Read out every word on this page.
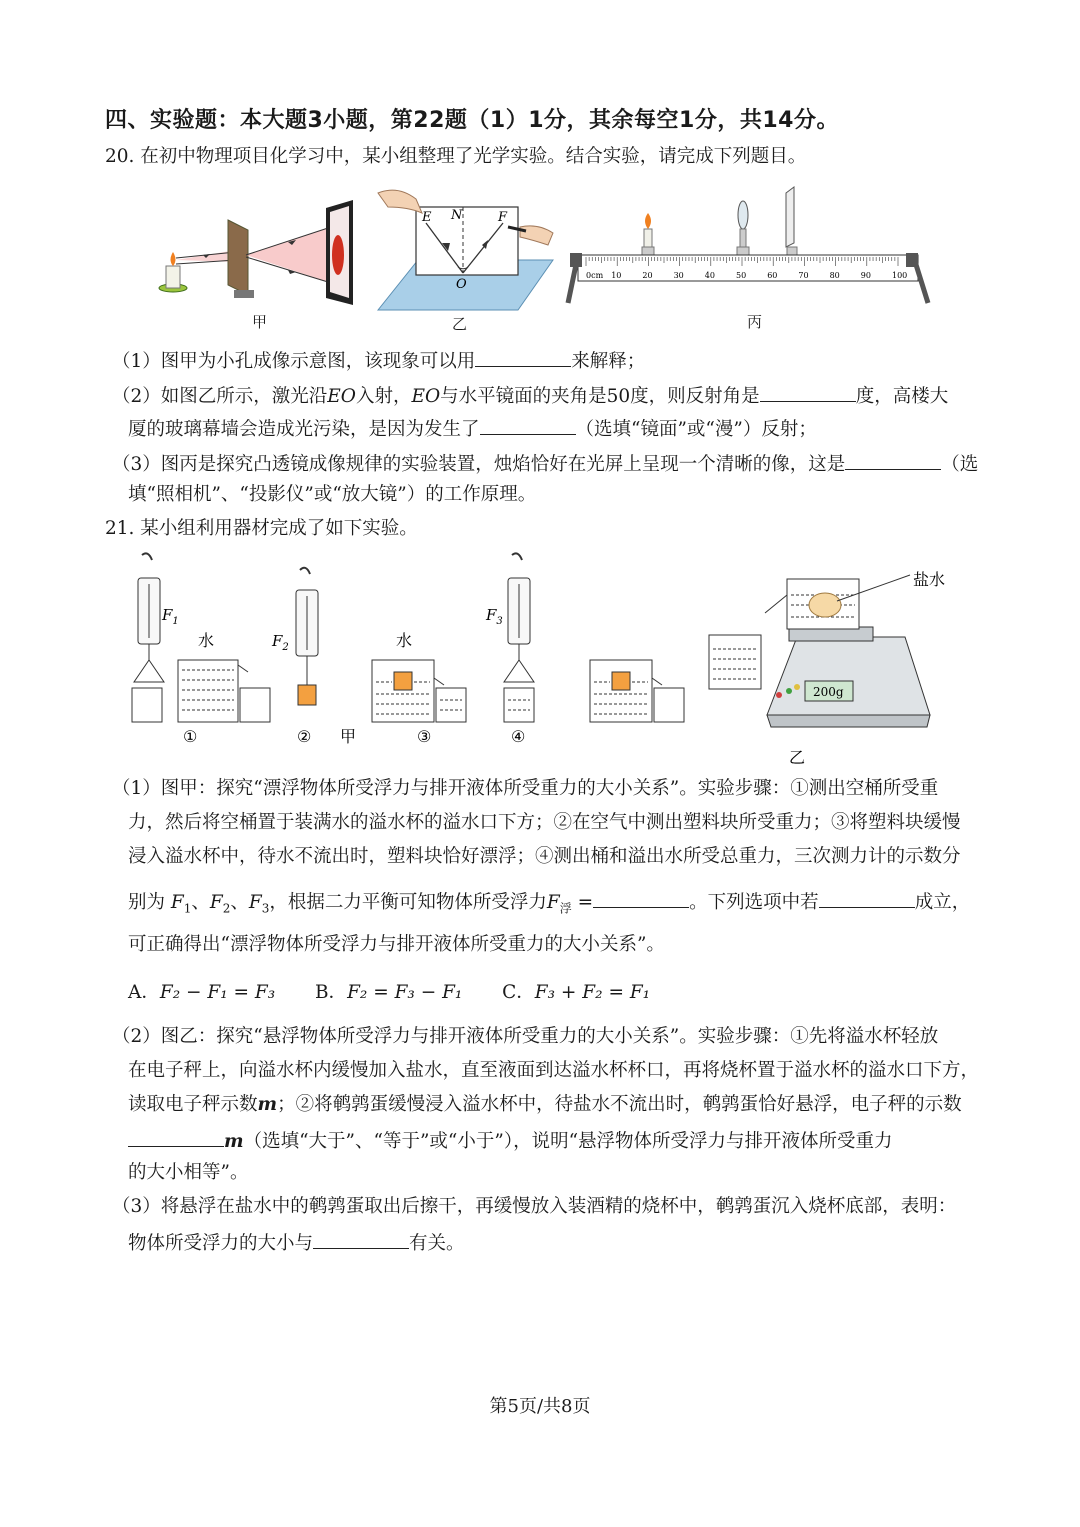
四、实验题：本大题3小题，第22题（1）1分，其余每空1分，共14分。
20. 在初中物理项目化学习中，某小组整理了光学实验。结合实验，请完成下列题目。
甲
E N	F
O
乙
0cm 10	20	30	40	50	60	70	80	90	100
丙
（1）图甲为小孔成像示意图，该现象可以用	来解释；
（2）如图乙所示，激光沿EO入射，EO与水平镜面的夹角是50度，则反射角是	度，高楼大
厦的玻璃幕墙会造成光污染，是因为发生了	（选填“镜面”或“漫”）反射；
（3）图丙是探究凸透镜成像规律的实验装置，烛焰恰好在光屏上呈现一个清晰的像，这是	（选
填“照相机”、“投影仪”或“放大镜”）的工作原理。
21. 某小组利用器材完成了如下实验。
$F_1$
水
①
$F_2$
②
水
③
$F_3$
④
甲
200g
盐水
乙
（1）图甲：探究“漂浮物体所受浮力与排开液体所受重力的大小关系”。实验步骤：①测出空桶所受重
力，然后将空桶置于装满水的溢水杯的溢水口下方；②在空气中测出塑料块所受重力；③将塑料块缓慢
浸入溢水杯中，待水不流出时，塑料块恰好漂浮；④测出桶和溢出水所受总重力，三次测力计的示数分
别为 $F_1$、$F_2$、$F_3$，根据二力平衡可知物体所受浮力$F_浮$ =	。下列选项中若	成立，
可正确得出“漂浮物体所受浮力与排开液体所受重力的大小关系”。
A．F₂ − F₁ = F₃ B．F₂ = F₃ − F₁ C．F₃ + F₂ = F₁
（2）图乙：探究“悬浮物体所受浮力与排开液体所受重力的大小关系”。实验步骤：①先将溢水杯轻放
在电子秤上，向溢水杯内缓慢加入盐水，直至液面到达溢水杯杯口，再将烧杯置于溢水杯的溢水口下方，
读取电子秤示数m；②将鹌鹑蛋缓慢浸入溢水杯中，待盐水不流出时，鹌鹑蛋恰好悬浮，电子秤的示数
m（选填“大于”、“等于”或“小于”），说明“悬浮物体所受浮力与排开液体所受重力
的大小相等”。
（3）将悬浮在盐水中的鹌鹑蛋取出后擦干，再缓慢放入装酒精的烧杯中，鹌鹑蛋沉入烧杯底部，表明：
物体所受浮力的大小与	有关。
第5页/共8页
